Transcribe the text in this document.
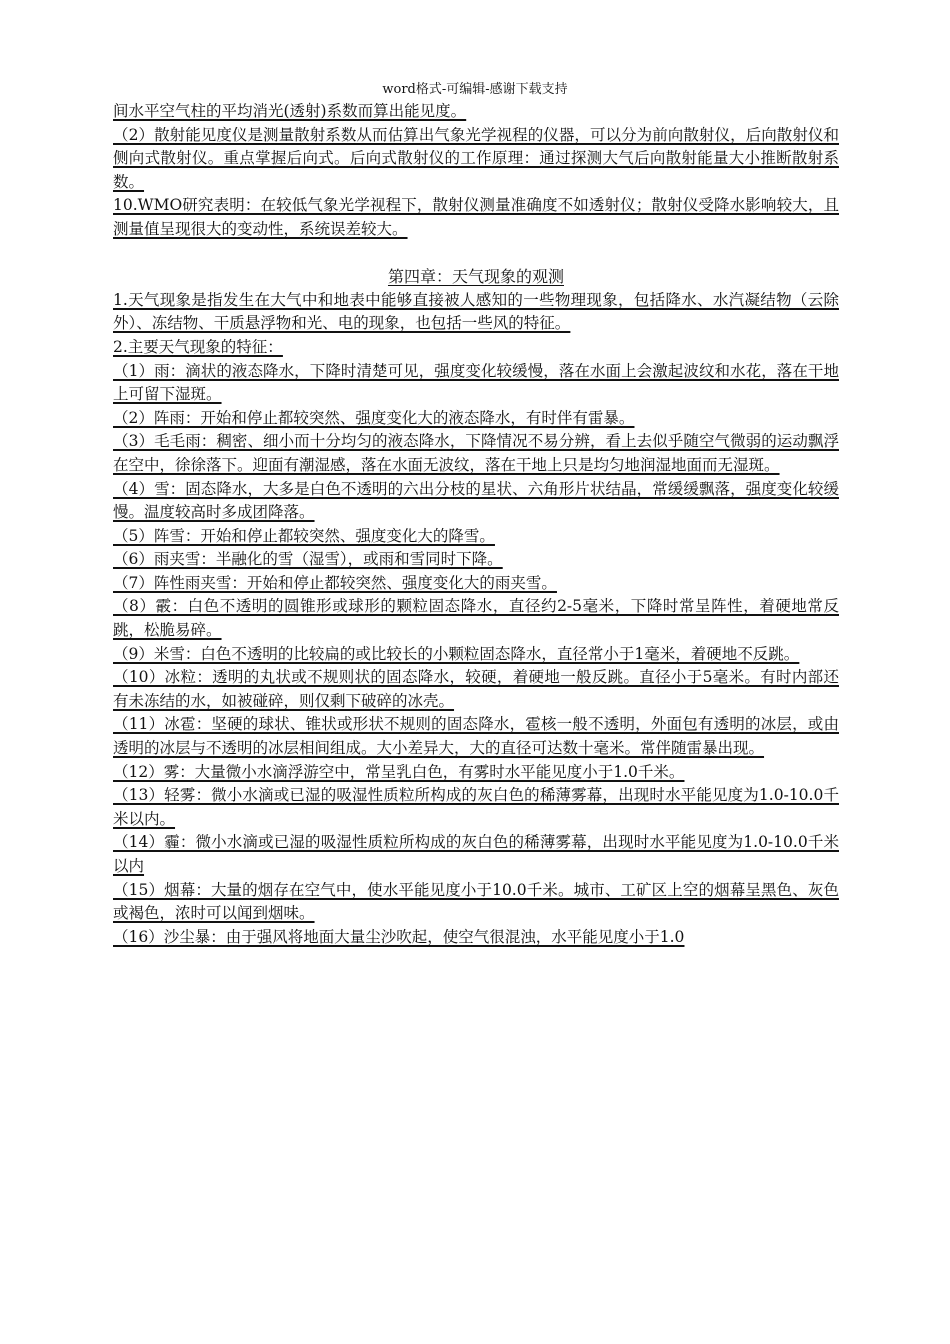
word格式-可编辑-感谢下载支持

间水平空气柱的平均消光(透射)系数而算出能见度。

（2）散射能见度仪是测量散射系数从而估算出气象光学视程的仪器，可以分为前向散射仪，后向散射仪和侧向式散射仪。重点掌握后向式。后向式散射仪的工作原理：通过探测大气后向散射能量大小推断散射系数。

10.WMO研究表明：在较低气象光学视程下，散射仪测量准确度不如透射仪；散射仪受降水影响较大，且测量值呈现很大的变动性，系统误差较大。

第四章：天气现象的观测

1.天气现象是指发生在大气中和地表中能够直接被人感知的一些物理现象，包括降水、水汽凝结物（云除外）、冻结物、干质悬浮物和光、电的现象，也包括一些风的特征。

2.主要天气现象的特征：

（1）雨：滴状的液态降水，下降时清楚可见，强度变化较缓慢，落在水面上会激起波纹和水花，落在干地上可留下湿斑。

（2）阵雨：开始和停止都较突然、强度变化大的液态降水，有时伴有雷暴。

（3）毛毛雨：稠密、细小而十分均匀的液态降水，下降情况不易分辨，看上去似乎随空气微弱的运动飘浮在空中，徐徐落下。迎面有潮湿感，落在水面无波纹，落在干地上只是均匀地润湿地面而无湿斑。

（4）雪：固态降水，大多是白色不透明的六出分枝的星状、六角形片状结晶，常缓缓飘落，强度变化较缓慢。温度较高时多成团降落。

（5）阵雪：开始和停止都较突然、强度变化大的降雪。

（6）雨夹雪：半融化的雪（湿雪），或雨和雪同时下降。

（7）阵性雨夹雪：开始和停止都较突然、强度变化大的雨夹雪。

（8）霰：白色不透明的圆锥形或球形的颗粒固态降水，直径约2-5毫米，下降时常呈阵性，着硬地常反跳，松脆易碎。

（9）米雪：白色不透明的比较扁的或比较长的小颗粒固态降水，直径常小于1毫米，着硬地不反跳。

（10）冰粒：透明的丸状或不规则状的固态降水，较硬，着硬地一般反跳。直径小于5毫米。有时内部还有未冻结的水，如被碰碎，则仅剩下破碎的冰壳。

（11）冰雹：坚硬的球状、锥状或形状不规则的固态降水，雹核一般不透明，外面包有透明的冰层，或由透明的冰层与不透明的冰层相间组成。大小差异大，大的直径可达数十毫米。常伴随雷暴出现。

（12）雾：大量微小水滴浮游空中，常呈乳白色，有雾时水平能见度小于1.0千米。

（13）轻雾：微小水滴或已湿的吸湿性质粒所构成的灰白色的稀薄雾幕，出现时水平能见度为1.0-10.0千米以内。

（14）霾：微小水滴或已湿的吸湿性质粒所构成的灰白色的稀薄雾幕，出现时水平能见度为1.0-10.0千米以内

（15）烟幕：大量的烟存在空气中，使水平能见度小于10.0千米。城市、工矿区上空的烟幕呈黑色、灰色或褐色，浓时可以闻到烟味。

（16）沙尘暴：由于强风将地面大量尘沙吹起，使空气很混浊，水平能见度小于1.0
